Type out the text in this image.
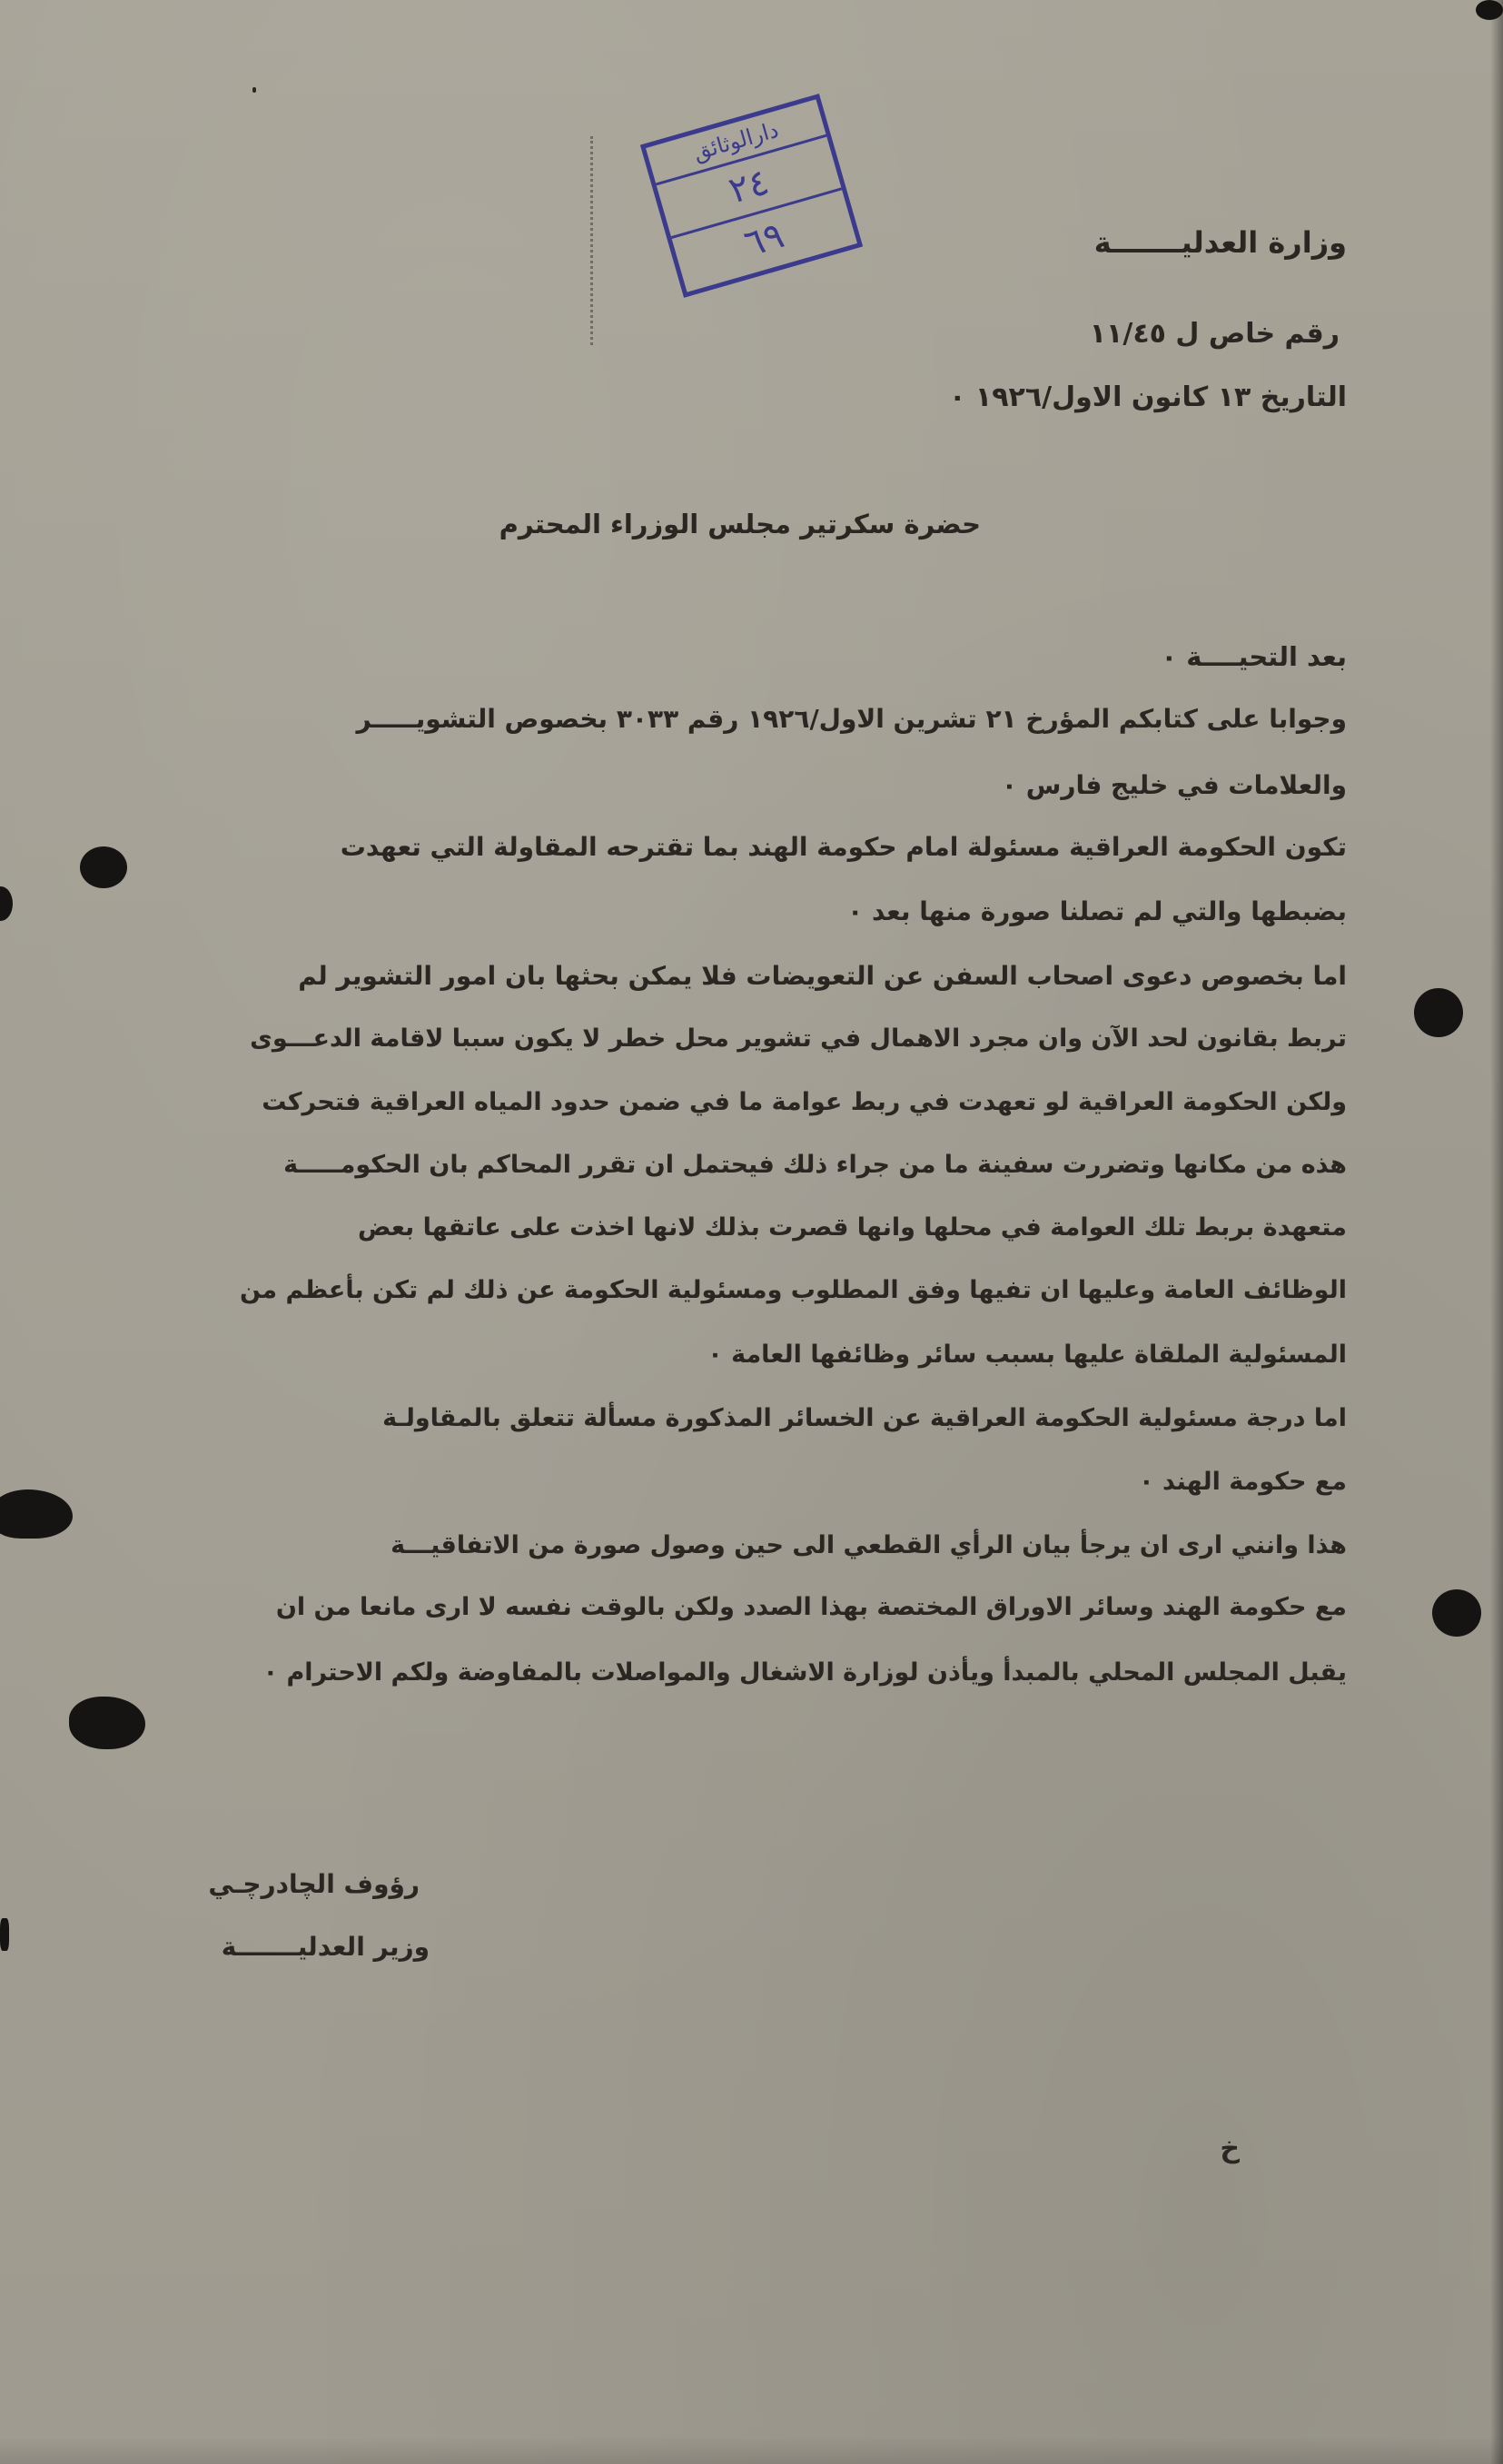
دارالوثائق
٢٤
٦٩	وزارة العدليـــــــة
رقم خاص ل ١١/٤٥
التاريخ ١٣ كانون الاول/١٩٢٦ ٠
حضرة سكرتير مجلس الوزراء المحترم
بعد التحيــــة ٠
وجوابا على كتابكم المؤرخ ٢١ تشرين الاول/١٩٢٦ رقم ٣٠٣٣ بخصوص التشويـــــر
والعلامات في خليج فارس ٠
تكون الحكومة العراقية مسئولة امام حكومة الهند بما تقترحه المقاولة التي تعهدت
بضبطها والتي لم تصلنا صورة منها بعد ٠
اما بخصوص دعوى اصحاب السفن عن التعويضات فلا يمكن بحثها بان امور التشوير لم
تربط بقانون لحد الآن وان مجرد الاهمال في تشوير محل خطر لا يكون سببا لاقامة الدعـــوى
ولكن الحكومة العراقية لو تعهدت في ربط عوامة ما في ضمن حدود المياه العراقية فتحركت
هذه من مكانها وتضررت سفينة ما من جراء ذلك فيحتمل ان تقرر المحاكم بان الحكومـــــة
متعهدة بربط تلك العوامة في محلها وانها قصرت بذلك لانها اخذت على عاتقها بعض
الوظائف العامة وعليها ان تفيها وفق المطلوب ومسئولية الحكومة عن ذلك لم تكن بأعظم من
المسئولية الملقاة عليها بسبب سائر وظائفها العامة ٠
اما درجة مسئولية الحكومة العراقية عن الخسائر المذكورة مسألة تتعلق بالمقاولـة
مع حكومة الهند ٠
هذا وانني ارى ان يرجأ بيان الرأي القطعي الى حين وصول صورة من الاتفاقيـــة
مع حكومة الهند وسائر الاوراق المختصة بهذا الصدد ولكن بالوقت نفسه لا ارى مانعا من ان
يقبل المجلس المحلي بالمبدأ ويأذن لوزارة الاشغال والمواصلات بالمفاوضة ولكم الاحترام ٠
رؤوف الچادرچـي
وزير العدليـــــــة
خ
